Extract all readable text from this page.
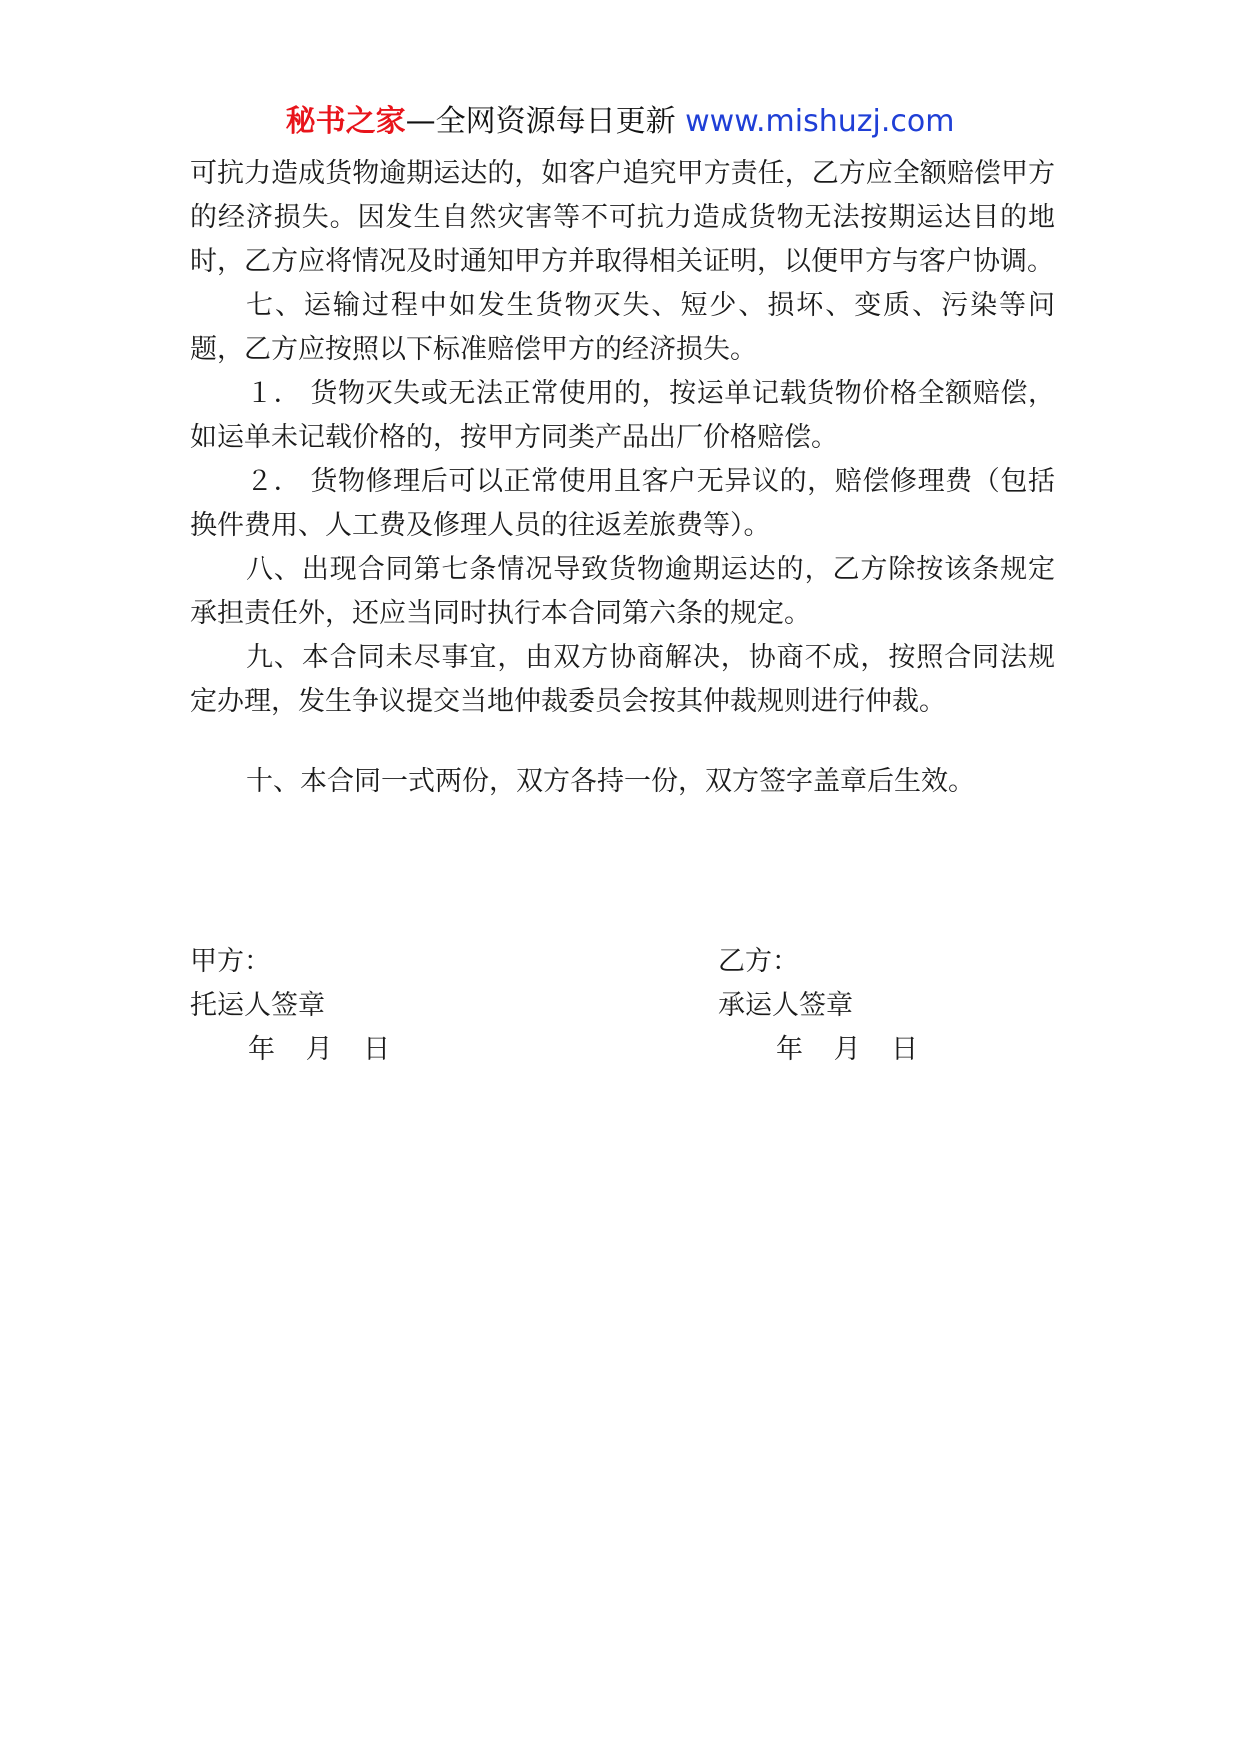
秘书之家—全网资源每日更新 www.mishuzj.com

可抗力造成货物逾期运达的，如客户追究甲方责任，乙方应全额赔偿甲方的经济损失。因发生自然灾害等不可抗力造成货物无法按期运达目的地时，乙方应将情况及时通知甲方并取得相关证明，以便甲方与客户协调。

七、运输过程中如发生货物灭失、短少、损坏、变质、污染等问题，乙方应按照以下标准赔偿甲方的经济损失。

１． 货物灭失或无法正常使用的，按运单记载货物价格全额赔偿，如运单未记载价格的，按甲方同类产品出厂价格赔偿。

２． 货物修理后可以正常使用且客户无异议的，赔偿修理费（包括换件费用、人工费及修理人员的往返差旅费等）。

八、出现合同第七条情况导致货物逾期运达的，乙方除按该条规定承担责任外，还应当同时执行本合同第六条的规定。

九、本合同未尽事宜，由双方协商解决，协商不成，按照合同法规定办理，发生争议提交当地仲裁委员会按其仲裁规则进行仲裁。

十、本合同一式两份，双方各持一份，双方签字盖章后生效。

甲方：
托运人签章
年 月 日
乙方：
承运人签章
年 月 日
